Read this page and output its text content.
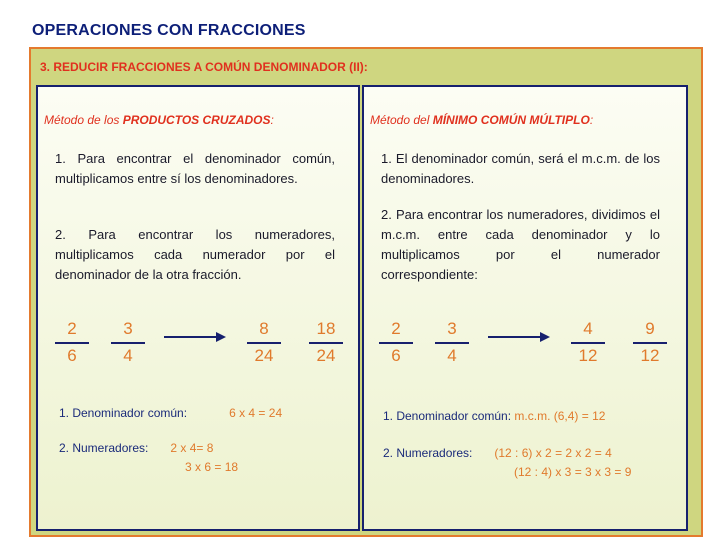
OPERACIONES CON FRACCIONES
3. REDUCIR FRACCIONES A COMÚN DENOMINADOR (II):
Método de los PRODUCTOS CRUZADOS:

1. Para encontrar el denominador común, multiplicamos entre sí los denominadores.

2. Para encontrar los numeradores, multiplicamos cada numerador por el denominador de la otra fracción.

2
6
3
4
8
24
18
24
1. Denominador común:	6 x 4 = 24
2. Numeradores: 2 x 4= 8
3 x 6 = 18
Método del MÍNIMO COMÚN MÚLTIPLO:

1. El denominador común, será el m.c.m. de los denominadores.

2. Para encontrar los numeradores, dividimos el m.c.m. entre cada denominador y lo multiplicamos por el numerador correspondiente:

2
6
3
4
4
12
9
12
1. Denominador común: m.c.m. (6,4) = 12
2. Numeradores: (12 : 6) x 2 = 2 x 2 = 4
(12 : 4) x 3 = 3 x 3 = 9
